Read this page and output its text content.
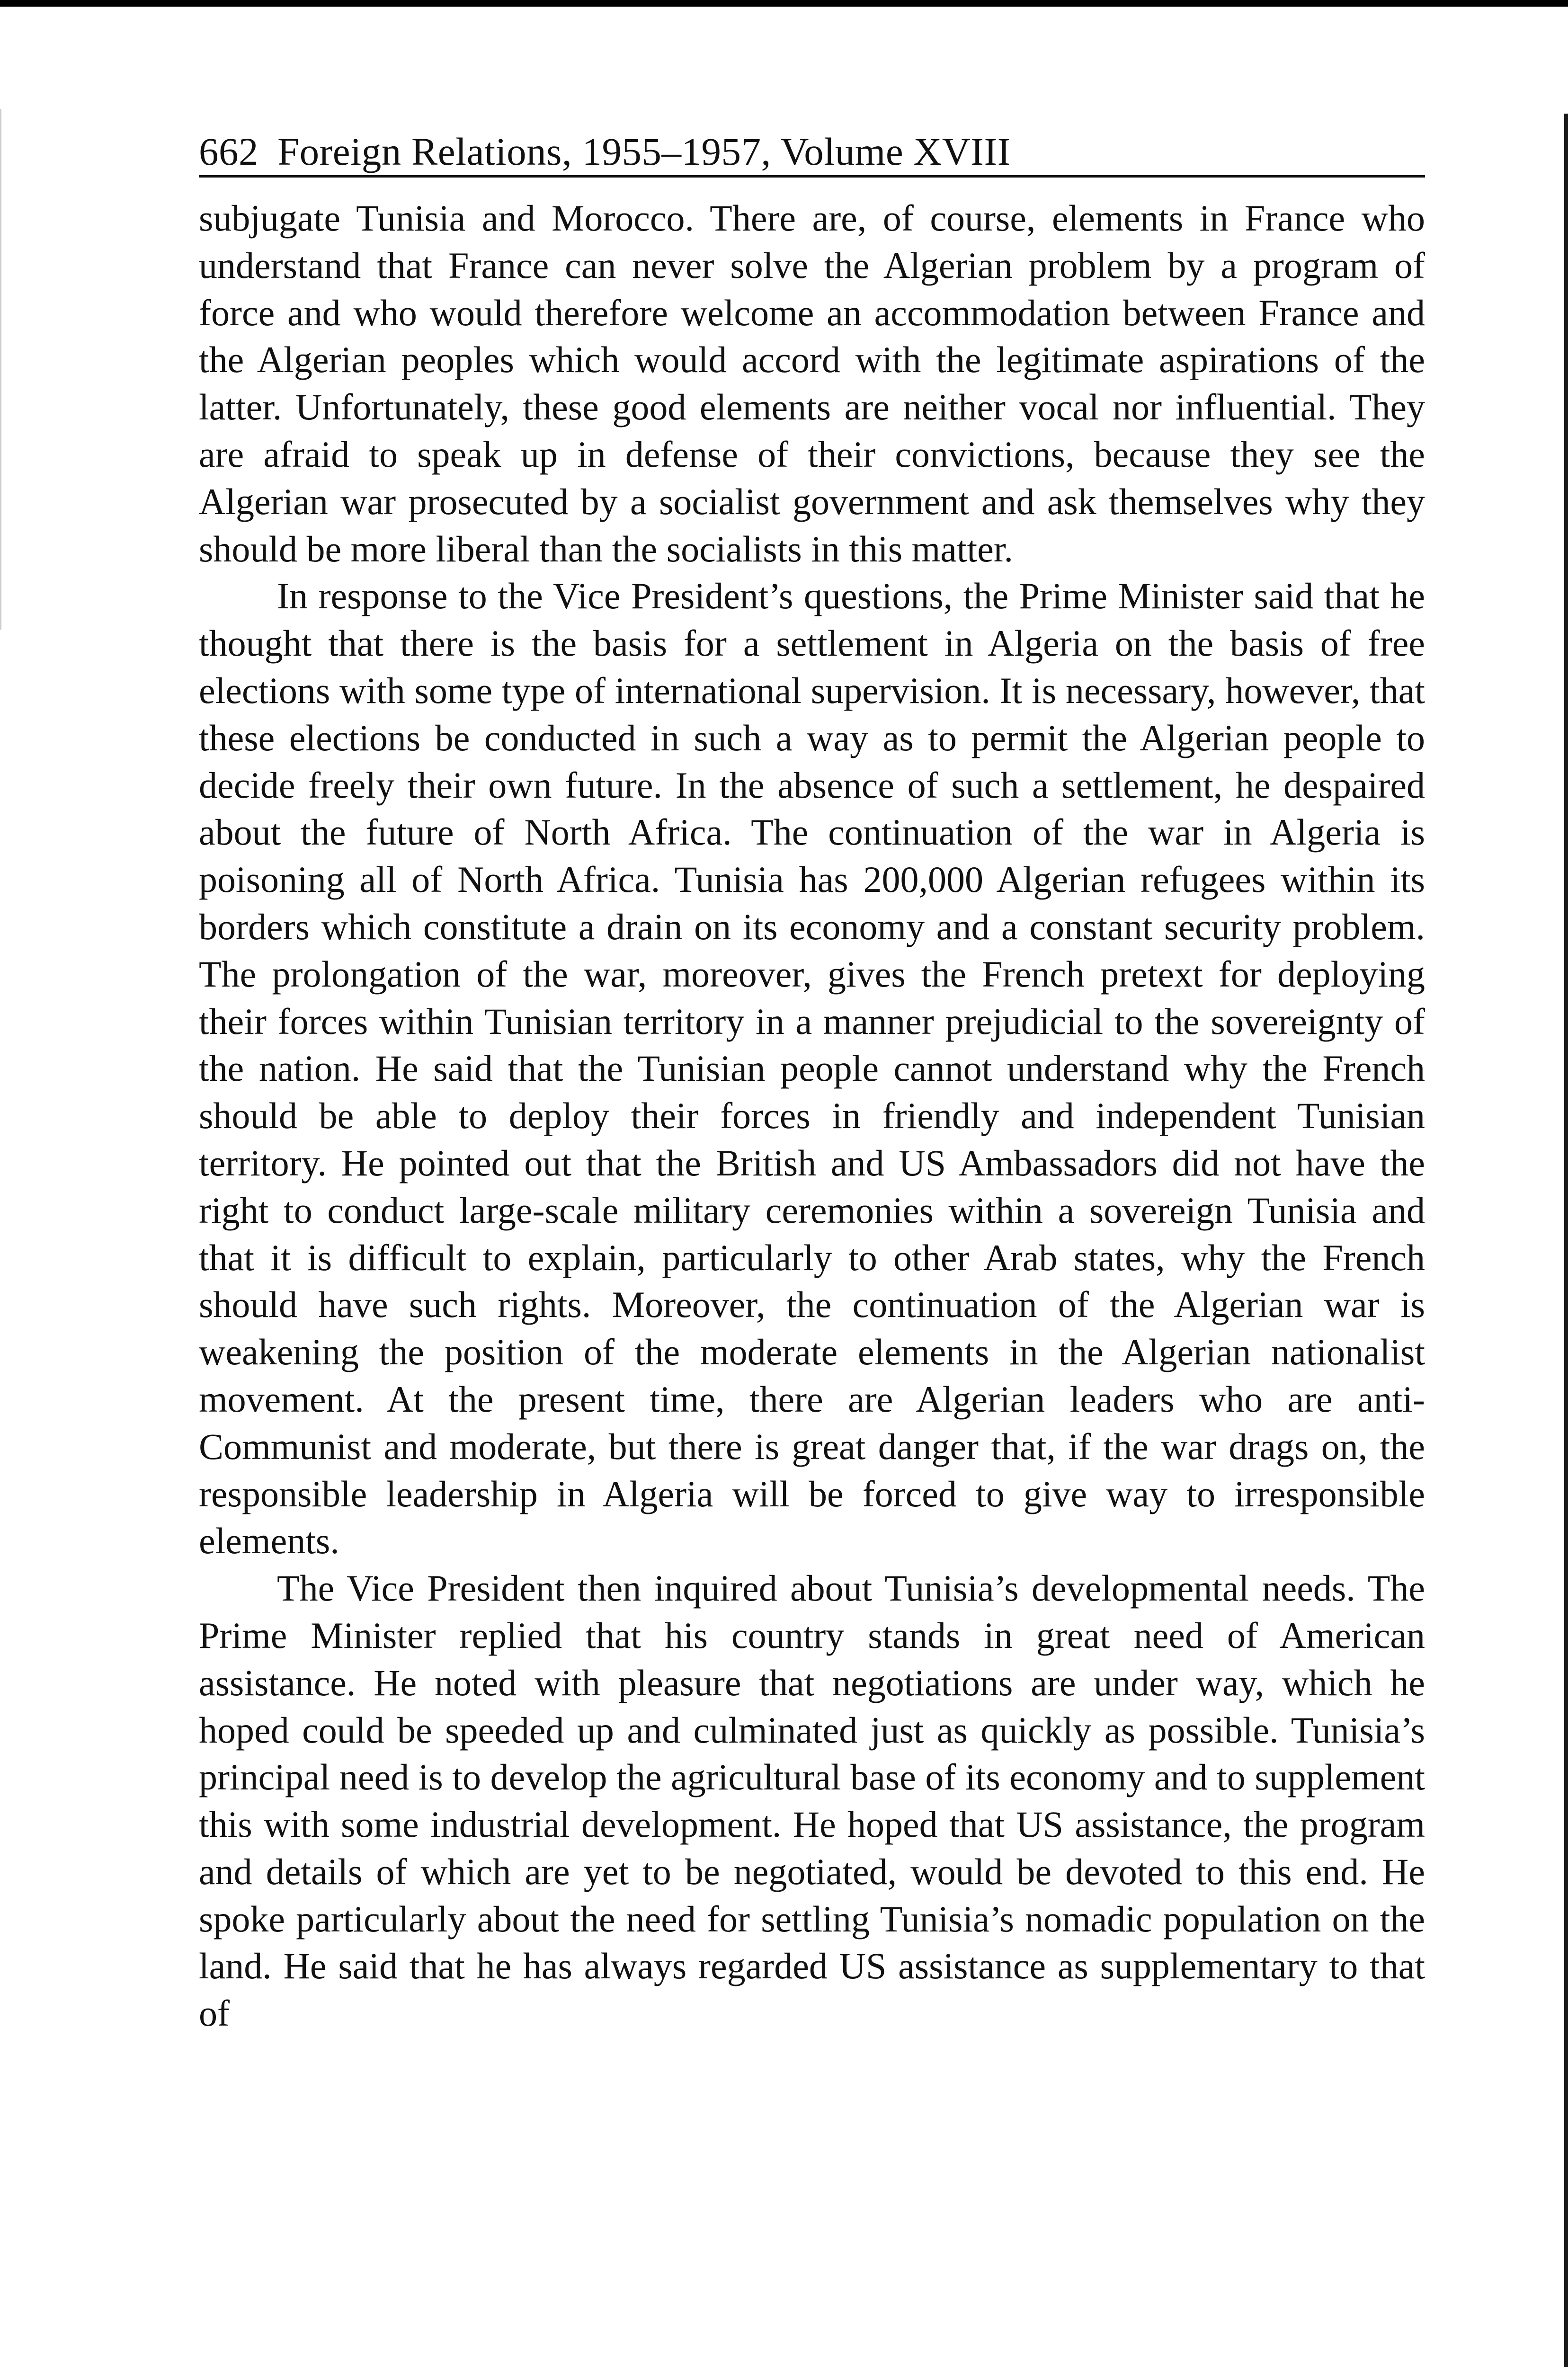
662 Foreign Relations, 1955–1957, Volume XVIII

subjugate Tunisia and Morocco. There are, of course, elements in France who understand that France can never solve the Algerian problem by a program of force and who would therefore welcome an accommodation between France and the Algerian peoples which would accord with the legitimate aspirations of the latter. Unfortunately, these good elements are neither vocal nor influential. They are afraid to speak up in defense of their convictions, because they see the Algerian war prosecuted by a socialist government and ask themselves why they should be more liberal than the socialists in this matter.

In response to the Vice President’s questions, the Prime Minister said that he thought that there is the basis for a settlement in Algeria on the basis of free elections with some type of international supervision. It is necessary, however, that these elections be conducted in such a way as to permit the Algerian people to decide freely their own future. In the absence of such a settlement, he despaired about the future of North Africa. The continuation of the war in Algeria is poisoning all of North Africa. Tunisia has 200,000 Algerian refugees within its borders which constitute a drain on its economy and a constant security problem. The prolongation of the war, moreover, gives the French pretext for deploying their forces within Tunisian territory in a manner prejudicial to the sovereignty of the nation. He said that the Tunisian people cannot understand why the French should be able to deploy their forces in friendly and independent Tunisian territory. He pointed out that the British and US Ambassadors did not have the right to conduct large-scale military ceremonies within a sovereign Tunisia and that it is difficult to explain, particularly to other Arab states, why the French should have such rights. Moreover, the continuation of the Algerian war is weakening the position of the moderate elements in the Algerian nationalist movement. At the present time, there are Algerian leaders who are anti-Communist and moderate, but there is great danger that, if the war drags on, the responsible leadership in Algeria will be forced to give way to irresponsible elements.

The Vice President then inquired about Tunisia’s developmental needs. The Prime Minister replied that his country stands in great need of American assistance. He noted with pleasure that negotiations are under way, which he hoped could be speeded up and culminated just as quickly as possible. Tunisia’s principal need is to develop the agricultural base of its economy and to supplement this with some industrial development. He hoped that US assistance, the program and details of which are yet to be negotiated, would be devoted to this end. He spoke particularly about the need for settling Tunisia’s nomadic population on the land. He said that he has always regarded US assistance as supplementary to that of
